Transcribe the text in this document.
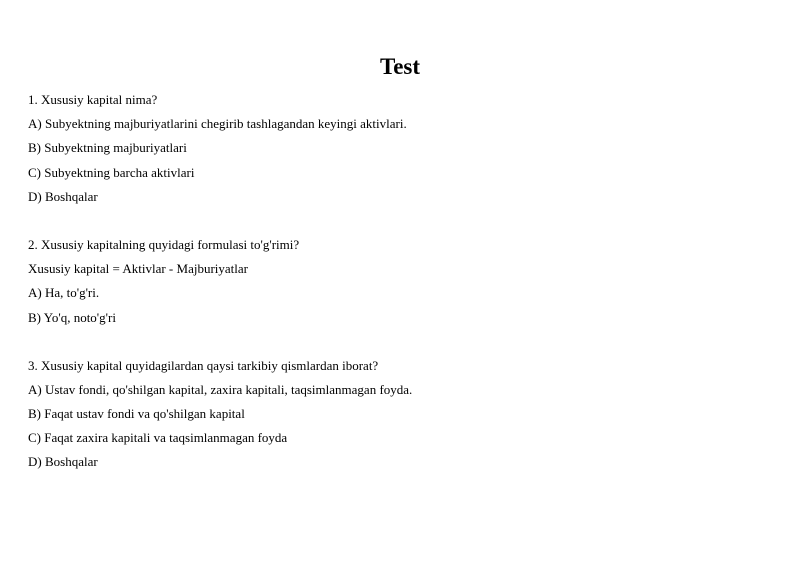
Test

1. Xususiy kapital nima?

A) Subyektning majburiyatlarini chegirib tashlagandan keyingi aktivlari.

B) Subyektning majburiyatlari

C) Subyektning barcha aktivlari

D) Boshqalar

2. Xususiy kapitalning quyidagi formulasi to'g'rimi?

Xususiy kapital = Aktivlar - Majburiyatlar

A) Ha, to'g'ri.

B) Yo'q, noto'g'ri

3. Xususiy kapital quyidagilardan qaysi tarkibiy qismlardan iborat?

A) Ustav fondi, qo'shilgan kapital, zaxira kapitali, taqsimlanmagan foyda.

B) Faqat ustav fondi va qo'shilgan kapital

C) Faqat zaxira kapitali va taqsimlanmagan foyda

D) Boshqalar
